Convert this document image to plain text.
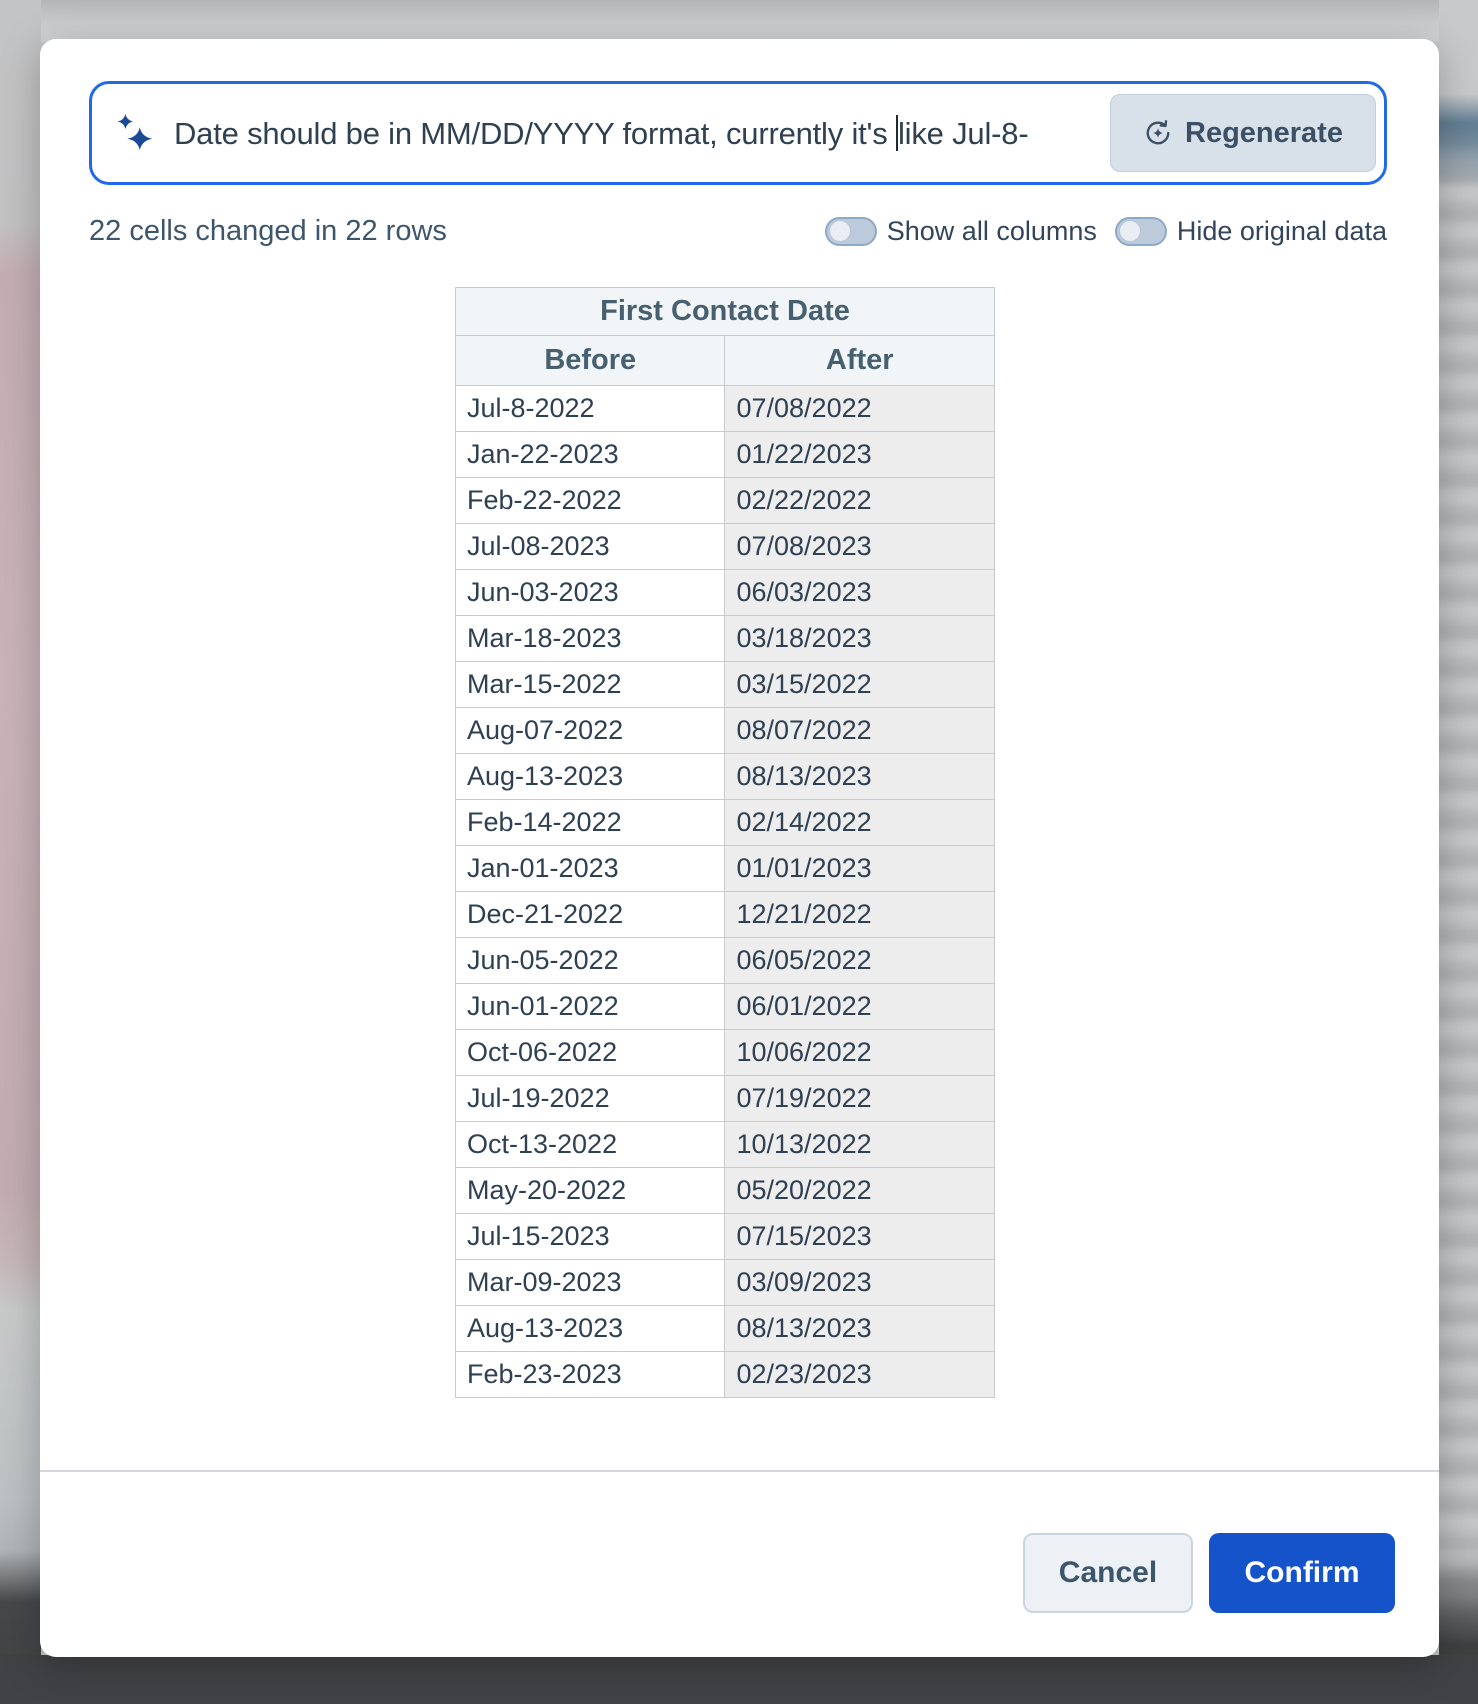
Date should be in MM/DD/YYYY format, currently it's like Jul-8-	Regenerate
22 cells changed in 22 rows	Show all columns	Hide original data
First Contact Date	
Before	After
Jul-8-2022	07/08/2022
Jan-22-2023	01/22/2023
Feb-22-2022	02/22/2022
Jul-08-2023	07/08/2023
Jun-03-2023	06/03/2023
Mar-18-2023	03/18/2023
Mar-15-2022	03/15/2022
Aug-07-2022	08/07/2022
Aug-13-2023	08/13/2023
Feb-14-2022	02/14/2022
Jan-01-2023	01/01/2023
Dec-21-2022	12/21/2022
Jun-05-2022	06/05/2022
Jun-01-2022	06/01/2022
Oct-06-2022	10/06/2022
Jul-19-2022	07/19/2022
Oct-13-2022	10/13/2022
May-20-2022	05/20/2022
Jul-15-2023	07/15/2023
Mar-09-2023	03/09/2023
Aug-13-2023	08/13/2023
Feb-23-2023	02/23/2023
Cancel	Confirm
